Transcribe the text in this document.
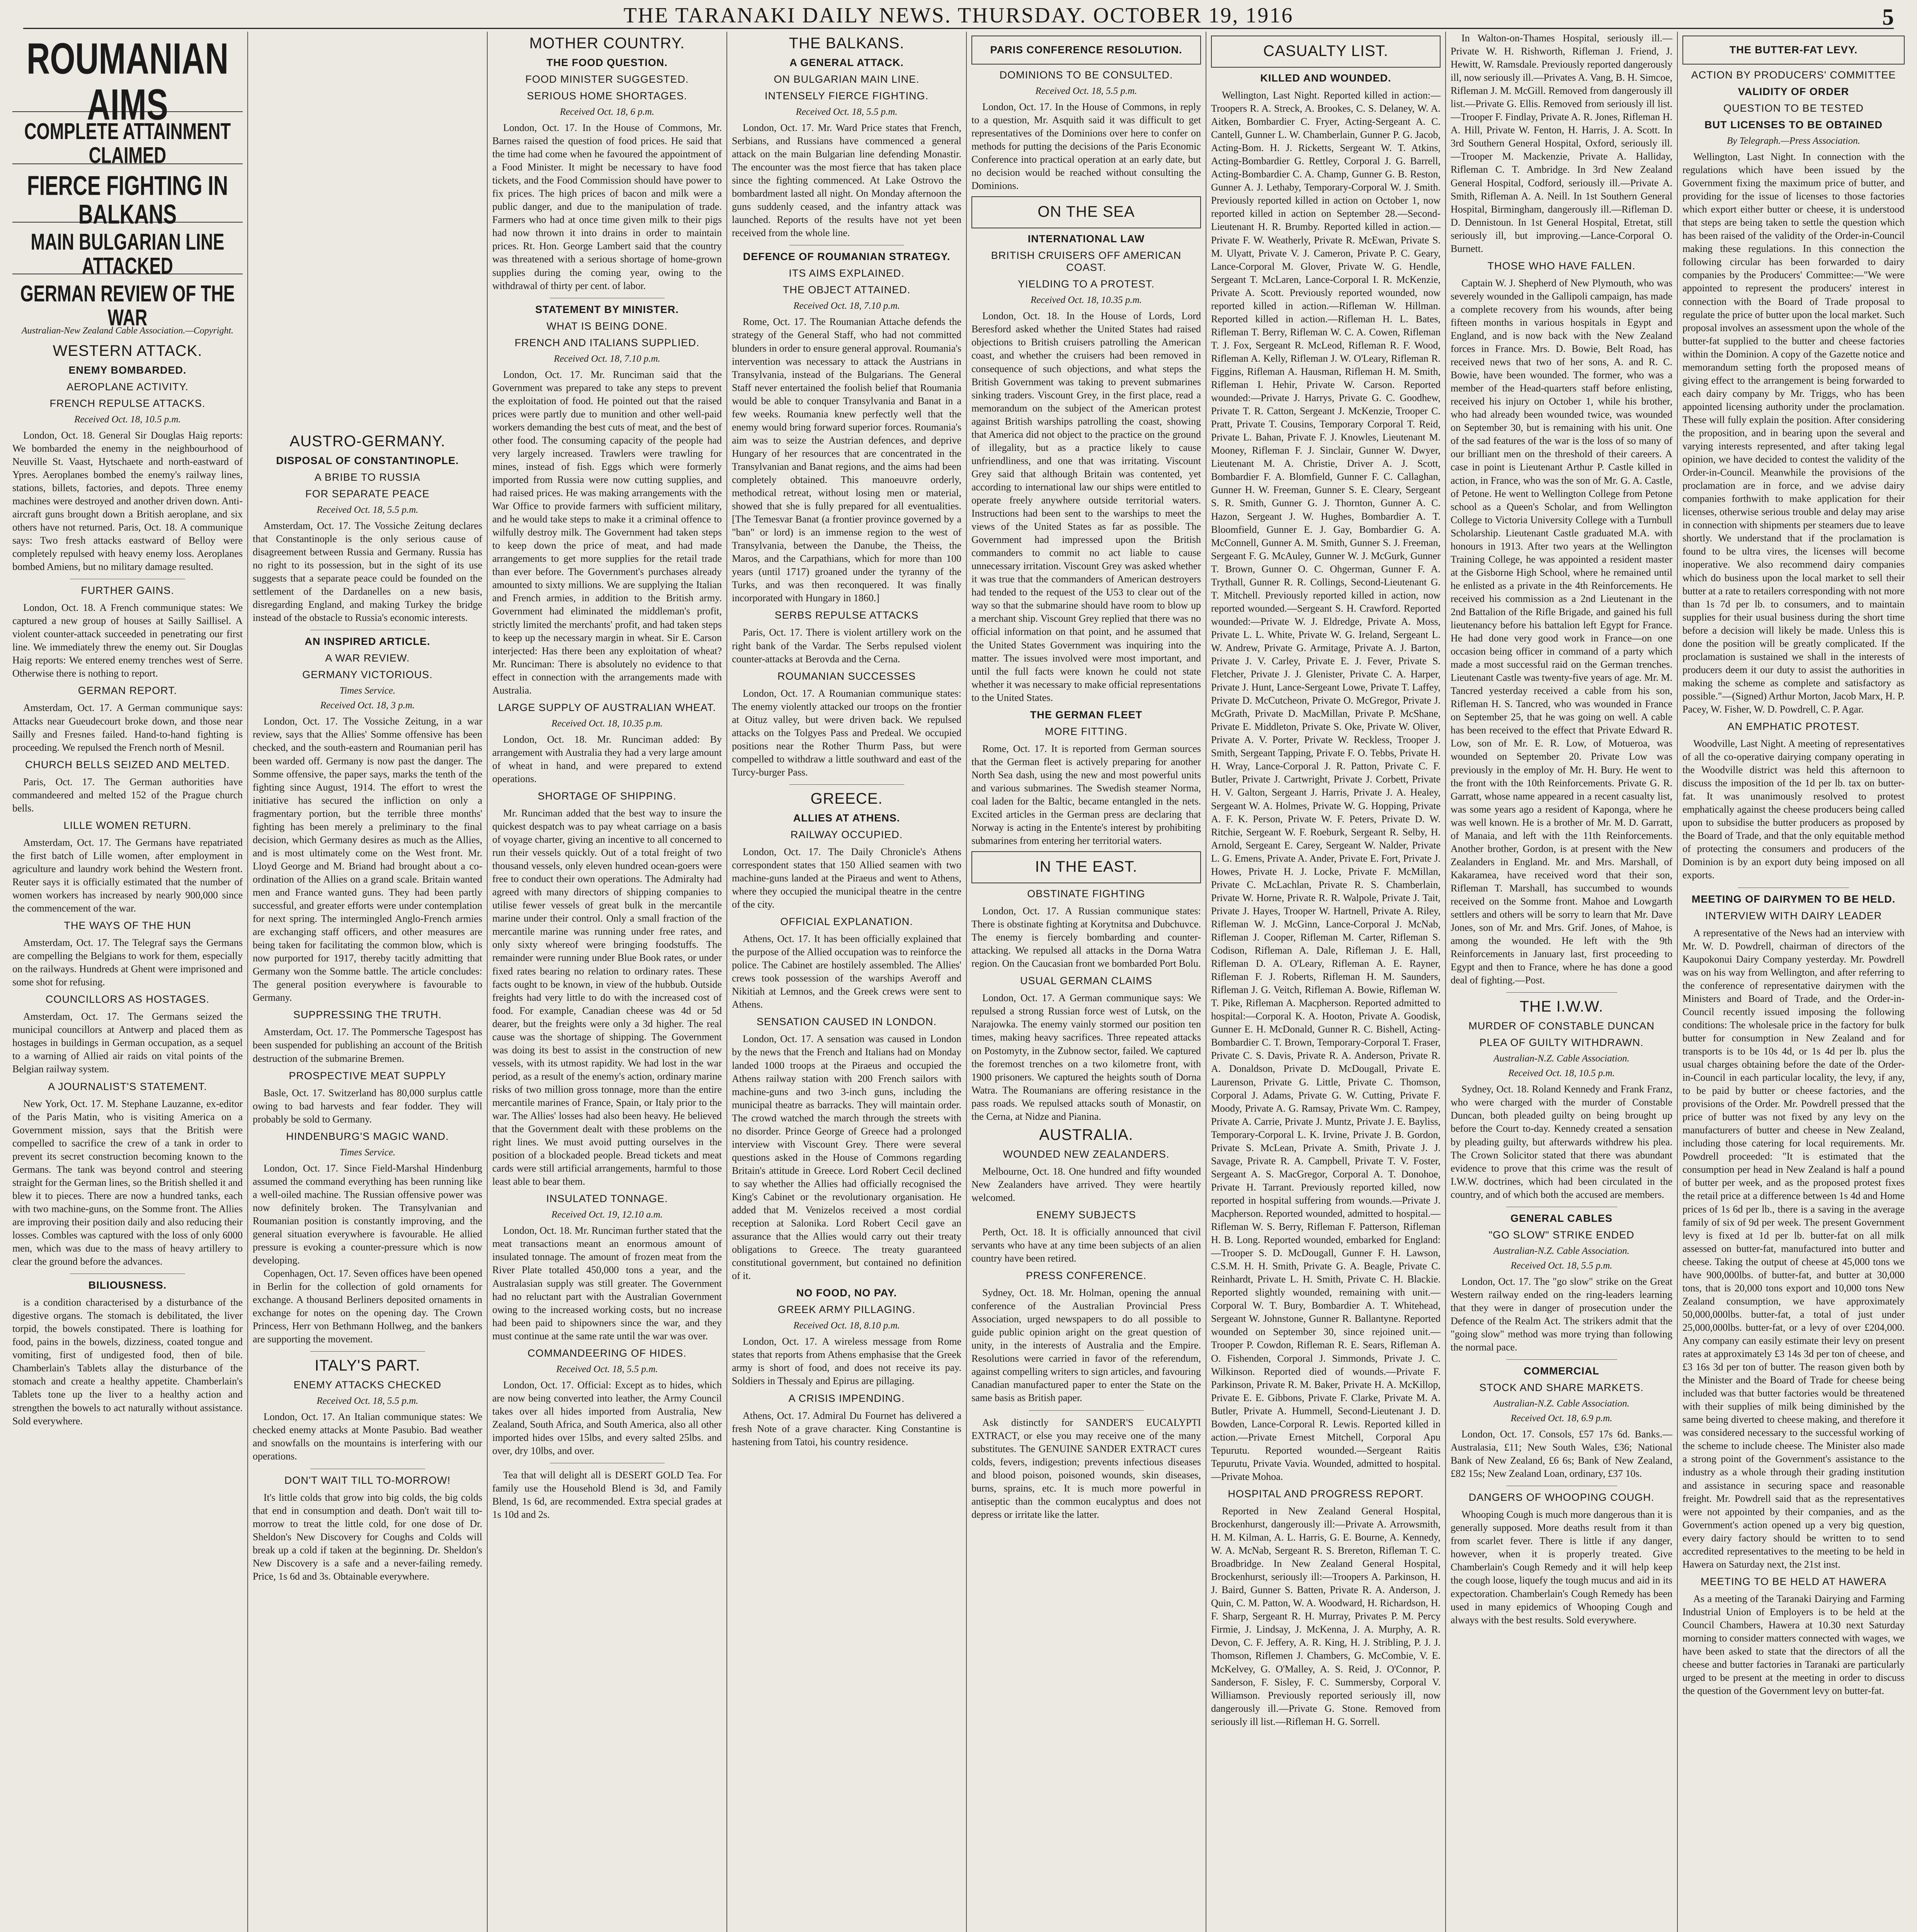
THE TARANAKI DAILY NEWS. THURSDAY. OCTOBER 19, 1916	5
ROUMANIAN AIMS
COMPLETE ATTAINMENT CLAIMED
FIERCE FIGHTING IN BALKANS
MAIN BULGARIAN LINE ATTACKED
GERMAN REVIEW OF THE WAR
Australian-New Zealand Cable Association.—Copyright.
WESTERN ATTACK.
ENEMY BOMBARDED.
AEROPLANE ACTIVITY.
FRENCH REPULSE ATTACKS.
Received Oct. 18, 10.5 p.m.

London, Oct. 18. General Sir Douglas Haig reports: We bombarded the enemy in the neighbourhood of Neuville St. Vaast, Hytschaete and north-eastward of Ypres. Aeroplanes bombed the enemy's railway lines, stations, billets, factories, and depots. Three enemy machines were destroyed and another driven down. Anti-aircraft guns brought down a British aeroplane, and six others have not returned. Paris, Oct. 18. A communique says: Two fresh attacks eastward of Belloy were completely repulsed with heavy enemy loss. Aeroplanes bombed Amiens, but no military damage resulted.

FURTHER GAINS.

London, Oct. 18. A French communique states: We captured a new group of houses at Sailly Saillisel. A violent counter-attack succeeded in penetrating our first line. We immediately threw the enemy out. Sir Douglas Haig reports: We entered enemy trenches west of Serre. Otherwise there is nothing to report.

GERMAN REPORT.

Amsterdam, Oct. 17. A German communique says: Attacks near Gueudecourt broke down, and those near Sailly and Fresnes failed. Hand-to-hand fighting is proceeding. We repulsed the French north of Mesnil.

CHURCH BELLS SEIZED AND MELTED.

Paris, Oct. 17. The German authorities have commandeered and melted 152 of the Prague church bells.

LILLE WOMEN RETURN.

Amsterdam, Oct. 17. The Germans have repatriated the first batch of Lille women, after employment in agriculture and laundry work behind the Western front. Reuter says it is officially estimated that the number of women workers has increased by nearly 900,000 since the commencement of the war.

THE WAYS OF THE HUN

Amsterdam, Oct. 17. The Telegraf says the Germans are compelling the Belgians to work for them, especially on the railways. Hundreds at Ghent were imprisoned and some shot for refusing.

COUNCILLORS AS HOSTAGES.

Amsterdam, Oct. 17. The Germans seized the municipal councillors at Antwerp and placed them as hostages in buildings in German occupation, as a sequel to a warning of Allied air raids on vital points of the Belgian railway system.

A JOURNALIST'S STATEMENT.

New York, Oct. 17. M. Stephane Lauzanne, ex-editor of the Paris Matin, who is visiting America on a Government mission, says that the British were compelled to sacrifice the crew of a tank in order to prevent its secret construction becoming known to the Germans. The tank was beyond control and steering straight for the German lines, so the British shelled it and blew it to pieces. There are now a hundred tanks, each with two machine-guns, on the Somme front. The Allies are improving their position daily and also reducing their losses. Combles was captured with the loss of only 6000 men, which was due to the mass of heavy artillery to clear the ground before the advances.

BILIOUSNESS.

is a condition characterised by a disturbance of the digestive organs. The stomach is debilitated, the liver torpid, the bowels constipated. There is loathing for food, pains in the bowels, dizziness, coated tongue and vomiting, first of undigested food, then of bile. Chamberlain's Tablets allay the disturbance of the stomach and create a healthy appetite. Chamberlain's Tablets tone up the liver to a healthy action and strengthen the bowels to act naturally without assistance. Sold everywhere.

AUSTRO-GERMANY.
DISPOSAL OF CONSTANTINOPLE.
A BRIBE TO RUSSIA
FOR SEPARATE PEACE
Received Oct. 18, 5.5 p.m.

Amsterdam, Oct. 17. The Vossiche Zeitung declares that Constantinople is the only serious cause of disagreement between Russia and Germany. Russia has no right to its possession, but in the sight of its use suggests that a separate peace could be founded on the settlement of the Dardanelles on a new basis, disregarding England, and making Turkey the bridge instead of the obstacle to Russia's economic interests.

AN INSPIRED ARTICLE.
A WAR REVIEW.
GERMANY VICTORIOUS.
Times Service.
Received Oct. 18, 3 p.m.

London, Oct. 17. The Vossiche Zeitung, in a war review, says that the Allies' Somme offensive has been checked, and the south-eastern and Roumanian peril has been warded off. Germany is now past the danger. The Somme offensive, the paper says, marks the tenth of the fighting since August, 1914. The effort to wrest the initiative has secured the infliction on only a fragmentary portion, but the terrible three months' fighting has been merely a preliminary to the final decision, which Germany desires as much as the Allies, and is most ultimately come on the West front. Mr. Lloyd George and M. Briand had brought about a co-ordination of the Allies on a grand scale. Britain wanted men and France wanted guns. They had been partly successful, and greater efforts were under contemplation for next spring. The intermingled Anglo-French armies are exchanging staff officers, and other measures are being taken for facilitating the common blow, which is now purported for 1917, thereby tacitly admitting that Germany won the Somme battle. The article concludes: The general position everywhere is favourable to Germany.

SUPPRESSING THE TRUTH.

Amsterdam, Oct. 17. The Pommersche Tagespost has been suspended for publishing an account of the British destruction of the submarine Bremen.

PROSPECTIVE MEAT SUPPLY

Basle, Oct. 17. Switzerland has 80,000 surplus cattle owing to bad harvests and fear fodder. They will probably be sold to Germany.

HINDENBURG'S MAGIC WAND.
Times Service.

London, Oct. 17. Since Field-Marshal Hindenburg assumed the command everything has been running like a well-oiled machine. The Russian offensive power was now definitely broken. The Transylvanian and Roumanian position is constantly improving, and the general situation everywhere is favourable. He allied pressure is evoking a counter-pressure which is now developing.

Copenhagen, Oct. 17. Seven offices have been opened in Berlin for the collection of gold ornaments for exchange. A thousand Berliners deposited ornaments in exchange for notes on the opening day. The Crown Princess, Herr von Bethmann Hollweg, and the bankers are supporting the movement.

ITALY'S PART.
ENEMY ATTACKS CHECKED
Received Oct. 18, 5.5 p.m.

London, Oct. 17. An Italian communique states: We checked enemy attacks at Monte Pasubio. Bad weather and snowfalls on the mountains is interfering with our operations.

DON'T WAIT TILL TO-MORROW!

It's little colds that grow into big colds, the big colds that end in consumption and death. Don't wait till to-morrow to treat the little cold, for one dose of Dr. Sheldon's New Discovery for Coughs and Colds will break up a cold if taken at the beginning. Dr. Sheldon's New Discovery is a safe and a never-failing remedy. Price, 1s 6d and 3s. Obtainable everywhere.

MOTHER COUNTRY.
THE FOOD QUESTION.
FOOD MINISTER SUGGESTED.
SERIOUS HOME SHORTAGES.
Received Oct. 18, 6 p.m.

London, Oct. 17. In the House of Commons, Mr. Barnes raised the question of food prices. He said that the time had come when he favoured the appointment of a Food Minister. It might be necessary to have food tickets, and the Food Commission should have power to fix prices. The high prices of bacon and milk were a public danger, and due to the manipulation of trade. Farmers who had at once time given milk to their pigs had now thrown it into drains in order to maintain prices. Rt. Hon. George Lambert said that the country was threatened with a serious shortage of home-grown supplies during the coming year, owing to the withdrawal of thirty per cent. of labor.

STATEMENT BY MINISTER.
WHAT IS BEING DONE.
FRENCH AND ITALIANS SUPPLIED.
Received Oct. 18, 7.10 p.m.

London, Oct. 17. Mr. Runciman said that the Government was prepared to take any steps to prevent the exploitation of food. He pointed out that the raised prices were partly due to munition and other well-paid workers demanding the best cuts of meat, and the best of other food. The consuming capacity of the people had very largely increased. Trawlers were trawling for mines, instead of fish. Eggs which were formerly imported from Russia were now cutting supplies, and had raised prices. He was making arrangements with the War Office to provide farmers with sufficient military, and he would take steps to make it a criminal offence to wilfully destroy milk. The Government had taken steps to keep down the price of meat, and had made arrangements to get more supplies for the retail trade than ever before. The Government's purchases already amounted to sixty millions. We are supplying the Italian and French armies, in addition to the British army. Government had eliminated the middleman's profit, strictly limited the merchants' profit, and had taken steps to keep up the necessary margin in wheat. Sir E. Carson interjected: Has there been any exploitation of wheat? Mr. Runciman: There is absolutely no evidence to that effect in connection with the arrangements made with Australia.

LARGE SUPPLY OF AUSTRALIAN WHEAT.
Received Oct. 18, 10.35 p.m.

London, Oct. 18. Mr. Runciman added: By arrangement with Australia they had a very large amount of wheat in hand, and were prepared to extend operations.

SHORTAGE OF SHIPPING.

Mr. Runciman added that the best way to insure the quickest despatch was to pay wheat carriage on a basis of voyage charter, giving an incentive to all concerned to run their vessels quickly. Out of a total freight of two thousand vessels, only eleven hundred ocean-goers were free to conduct their own operations. The Admiralty had agreed with many directors of shipping companies to utilise fewer vessels of great bulk in the mercantile marine under their control. Only a small fraction of the mercantile marine was running under free rates, and only sixty whereof were bringing foodstuffs. The remainder were running under Blue Book rates, or under fixed rates bearing no relation to ordinary rates. These facts ought to be known, in view of the hubbub. Outside freights had very little to do with the increased cost of food. For example, Canadian cheese was 4d or 5d dearer, but the freights were only a 3d higher. The real cause was the shortage of shipping. The Government was doing its best to assist in the construction of new vessels, with its utmost rapidity. We had lost in the war period, as a result of the enemy's action, ordinary marine risks of two million gross tonnage, more than the entire mercantile marines of France, Spain, or Italy prior to the war. The Allies' losses had also been heavy. He believed that the Government dealt with these problems on the right lines. We must avoid putting ourselves in the position of a blockaded people. Bread tickets and meat cards were still artificial arrangements, harmful to those least able to bear them.

INSULATED TONNAGE.
Received Oct. 19, 12.10 a.m.

London, Oct. 18. Mr. Runciman further stated that the meat transactions meant an enormous amount of insulated tonnage. The amount of frozen meat from the River Plate totalled 450,000 tons a year, and the Australasian supply was still greater. The Government had no reluctant part with the Australian Government owing to the increased working costs, but no increase had been paid to shipowners since the war, and they must continue at the same rate until the war was over.

COMMANDEERING OF HIDES.
Received Oct. 18, 5.5 p.m.

London, Oct. 17. Official: Except as to hides, which are now being converted into leather, the Army Council takes over all hides imported from Australia, New Zealand, South Africa, and South America, also all other imported hides over 15lbs, and every salted 25lbs. and over, dry 10lbs, and over.

Tea that will delight all is DESERT GOLD Tea. For family use the Household Blend is 3d, and Family Blend, 1s 6d, are recommended. Extra special grades at 1s 10d and 2s.

THE BALKANS.
A GENERAL ATTACK.
ON BULGARIAN MAIN LINE.
INTENSELY FIERCE FIGHTING.
Received Oct. 18, 5.5 p.m.

London, Oct. 17. Mr. Ward Price states that French, Serbians, and Russians have commenced a general attack on the main Bulgarian line defending Monastir. The encounter was the most fierce that has taken place since the fighting commenced. At Lake Ostrovo the bombardment lasted all night. On Monday afternoon the guns suddenly ceased, and the infantry attack was launched. Reports of the results have not yet been received from the whole line.

DEFENCE OF ROUMANIAN STRATEGY.
ITS AIMS EXPLAINED.
THE OBJECT ATTAINED.
Received Oct. 18, 7.10 p.m.

Rome, Oct. 17. The Roumanian Attache defends the strategy of the General Staff, who had not committed blunders in order to ensure general approval. Roumania's intervention was necessary to attack the Austrians in Transylvania, instead of the Bulgarians. The General Staff never entertained the foolish belief that Roumania would be able to conquer Transylvania and Banat in a few weeks. Roumania knew perfectly well that the enemy would bring forward superior forces. Roumania's aim was to seize the Austrian defences, and deprive Hungary of her resources that are concentrated in the Transylvanian and Banat regions, and the aims had been completely obtained. This manoeuvre orderly, methodical retreat, without losing men or material, showed that she is fully prepared for all eventualities. [The Temesvar Banat (a frontier province governed by a "ban" or lord) is an immense region to the west of Transylvania, between the Danube, the Theiss, the Maros, and the Carpathians, which for more than 100 years (until 1717) groaned under the tyranny of the Turks, and was then reconquered. It was finally incorporated with Hungary in 1860.]

SERBS REPULSE ATTACKS

Paris, Oct. 17. There is violent artillery work on the right bank of the Vardar. The Serbs repulsed violent counter-attacks at Berovda and the Cerna.

ROUMANIAN SUCCESSES

London, Oct. 17. A Roumanian communique states: The enemy violently attacked our troops on the frontier at Oituz valley, but were driven back. We repulsed attacks on the Tolgyes Pass and Predeal. We occupied positions near the Rother Thurm Pass, but were compelled to withdraw a little southward and east of the Turcy-burger Pass.

GREECE.
ALLIES AT ATHENS.
RAILWAY OCCUPIED.

London, Oct. 17. The Daily Chronicle's Athens correspondent states that 150 Allied seamen with two machine-guns landed at the Piraeus and went to Athens, where they occupied the municipal theatre in the centre of the city.

OFFICIAL EXPLANATION.

Athens, Oct. 17. It has been officially explained that the purpose of the Allied occupation was to reinforce the police. The Cabinet are hostilely assembled. The Allies' crews took possession of the warships Averoff and Nikitiah at Lemnos, and the Greek crews were sent to Athens.

SENSATION CAUSED IN LONDON.

London, Oct. 17. A sensation was caused in London by the news that the French and Italians had on Monday landed 1000 troops at the Piraeus and occupied the Athens railway station with 200 French sailors with machine-guns and two 3-inch guns, including the municipal theatre as barracks. They will maintain order. The crowd watched the march through the streets with no disorder. Prince George of Greece had a prolonged interview with Viscount Grey. There were several questions asked in the House of Commons regarding Britain's attitude in Greece. Lord Robert Cecil declined to say whether the Allies had officially recognised the King's Cabinet or the revolutionary organisation. He added that M. Venizelos received a most cordial reception at Salonika. Lord Robert Cecil gave an assurance that the Allies would carry out their treaty obligations to Greece. The treaty guaranteed constitutional government, but contained no definition of it.

NO FOOD, NO PAY.
GREEK ARMY PILLAGING.
Received Oct. 18, 8.10 p.m.

London, Oct. 17. A wireless message from Rome states that reports from Athens emphasise that the Greek army is short of food, and does not receive its pay. Soldiers in Thessaly and Epirus are pillaging.

A CRISIS IMPENDING.

Athens, Oct. 17. Admiral Du Fournet has delivered a fresh Note of a grave character. King Constantine is hastening from Tatoi, his country residence.

PARIS CONFERENCE RESOLUTION.
DOMINIONS TO BE CONSULTED.
Received Oct. 18, 5.5 p.m.

London, Oct. 17. In the House of Commons, in reply to a question, Mr. Asquith said it was difficult to get representatives of the Dominions over here to confer on methods for putting the decisions of the Paris Economic Conference into practical operation at an early date, but no decision would be reached without consulting the Dominions.

ON THE SEA
INTERNATIONAL LAW
BRITISH CRUISERS OFF AMERICAN COAST.
YIELDING TO A PROTEST.
Received Oct. 18, 10.35 p.m.

London, Oct. 18. In the House of Lords, Lord Beresford asked whether the United States had raised objections to British cruisers patrolling the American coast, and whether the cruisers had been removed in consequence of such objections, and what steps the British Government was taking to prevent submarines sinking traders. Viscount Grey, in the first place, read a memorandum on the subject of the American protest against British warships patrolling the coast, showing that America did not object to the practice on the ground of illegality, but as a practice likely to cause unfriendliness, and one that was irritating. Viscount Grey said that although Britain was contented, yet according to international law our ships were entitled to operate freely anywhere outside territorial waters. Instructions had been sent to the warships to meet the views of the United States as far as possible. The Government had impressed upon the British commanders to commit no act liable to cause unnecessary irritation. Viscount Grey was asked whether it was true that the commanders of American destroyers had tended to the request of the U53 to clear out of the way so that the submarine should have room to blow up a merchant ship. Viscount Grey replied that there was no official information on that point, and he assumed that the United States Government was inquiring into the matter. The issues involved were most important, and until the full facts were known he could not state whether it was necessary to make official representations to the United States.

THE GERMAN FLEET
MORE FITTING.

Rome, Oct. 17. It is reported from German sources that the German fleet is actively preparing for another North Sea dash, using the new and most powerful units and various submarines. The Swedish steamer Norma, coal laden for the Baltic, became entangled in the nets. Excited articles in the German press are declaring that Norway is acting in the Entente's interest by prohibiting submarines from entering her territorial waters.

IN THE EAST.
OBSTINATE FIGHTING

London, Oct. 17. A Russian communique states: There is obstinate fighting at Korytnitsa and Dubchuvce. The enemy is fiercely bombarding and counter-attacking. We repulsed all attacks in the Dorna Watra region. On the Caucasian front we bombarded Port Bolu.

USUAL GERMAN CLAIMS

London, Oct. 17. A German communique says: We repulsed a strong Russian force west of Lutsk, on the Narajowka. The enemy vainly stormed our position ten times, making heavy sacrifices. Three repeated attacks on Postomyty, in the Zubnow sector, failed. We captured the foremost trenches on a two kilometre front, with 1900 prisoners. We captured the heights south of Dorna Watra. The Roumanians are offering resistance in the pass roads. We repulsed attacks south of Monastir, on the Cerna, at Nidze and Pianina.

AUSTRALIA.
WOUNDED NEW ZEALANDERS.

Melbourne, Oct. 18. One hundred and fifty wounded New Zealanders have arrived. They were heartily welcomed.

ENEMY SUBJECTS

Perth, Oct. 18. It is officially announced that civil servants who have at any time been subjects of an alien country have been retired.

PRESS CONFERENCE.

Sydney, Oct. 18. Mr. Holman, opening the annual conference of the Australian Provincial Press Association, urged newspapers to do all possible to guide public opinion aright on the great question of unity, in the interests of Australia and the Empire. Resolutions were carried in favor of the referendum, against compelling writers to sign articles, and favouring Canadian manufactured paper to enter the State on the same basis as British paper.

Ask distinctly for SANDER'S EUCALYPTI EXTRACT, or else you may receive one of the many substitutes. The GENUINE SANDER EXTRACT cures colds, fevers, indigestion; prevents infectious diseases and blood poison, poisoned wounds, skin diseases, burns, sprains, etc. It is much more powerful in antiseptic than the common eucalyptus and does not depress or irritate like the latter.

CASUALTY LIST.
KILLED AND WOUNDED.

Wellington, Last Night. Reported killed in action:—Troopers R. A. Streck, A. Brookes, C. S. Delaney, W. A. Aitken, Bombardier C. Fryer, Acting-Sergeant A. C. Cantell, Gunner L. W. Chamberlain, Gunner P. G. Jacob, Acting-Bom. H. J. Ricketts, Sergeant W. T. Atkins, Acting-Bombardier G. Rettley, Corporal J. G. Barrell, Acting-Bombardier C. A. Champ, Gunner G. B. Reston, Gunner A. J. Lethaby, Temporary-Corporal W. J. Smith. Previously reported killed in action on October 1, now reported killed in action on September 28.—Second-Lieutenant H. R. Brumby. Reported killed in action.—Private F. W. Weatherly, Private R. McEwan, Private S. M. Ulyatt, Private V. J. Cameron, Private P. C. Geary, Lance-Corporal M. Glover, Private W. G. Hendle, Sergeant T. McLaren, Lance-Corporal I. R. McKenzie, Private A. Scott. Previously reported wounded, now reported killed in action.—Rifleman W. Hillman. Reported killed in action.—Rifleman H. L. Bates, Rifleman T. Berry, Rifleman W. C. A. Cowen, Rifleman T. J. Fox, Sergeant R. McLeod, Rifleman R. F. Wood, Rifleman A. Kelly, Rifleman J. W. O'Leary, Rifleman R. Figgins, Rifleman A. Hausman, Rifleman H. M. Smith, Rifleman I. Hehir, Private W. Carson. Reported wounded:—Private J. Harrys, Private G. C. Goodhew, Private T. R. Catton, Sergeant J. McKenzie, Trooper C. Pratt, Private T. Cousins, Temporary Corporal T. Reid, Private L. Bahan, Private F. J. Knowles, Lieutenant M. Mooney, Rifleman F. J. Sinclair, Gunner W. Dwyer, Lieutenant M. A. Christie, Driver A. J. Scott, Bombardier F. A. Blomfield, Gunner F. C. Callaghan, Gunner H. W. Freeman, Gunner S. E. Cleary, Sergeant S. R. Smith, Gunner G. J. Thornton, Gunner A. C. Hazon, Sergeant J. W. Hughes, Bombardier A. T. Bloomfield, Gunner E. J. Gay, Bombardier G. A. McConnell, Gunner A. M. Smith, Gunner S. J. Freeman, Sergeant F. G. McAuley, Gunner W. J. McGurk, Gunner T. Brown, Gunner O. C. Ohgerman, Gunner F. A. Trythall, Gunner R. R. Collings, Second-Lieutenant G. T. Mitchell. Previously reported killed in action, now reported wounded.—Sergeant S. H. Crawford. Reported wounded:—Private W. J. Eldredge, Private A. Moss, Private L. L. White, Private W. G. Ireland, Sergeant L. W. Andrew, Private G. Armitage, Private A. J. Barton, Private J. V. Carley, Private E. J. Fever, Private S. Fletcher, Private J. J. Glenister, Private C. A. Harper, Private J. Hunt, Lance-Sergeant Lowe, Private T. Laffey, Private D. McCutcheon, Private O. McGregor, Private J. McGrath, Private D. MacMillan, Private P. McShane, Private E. Middleton, Private S. Oke, Private W. Oliver, Private A. V. Porter, Private W. Reckless, Trooper J. Smith, Sergeant Tapping, Private F. O. Tebbs, Private H. H. Wray, Lance-Corporal J. R. Patton, Private C. F. Butler, Private J. Cartwright, Private J. Corbett, Private H. V. Galton, Sergeant J. Harris, Private J. A. Healey, Sergeant W. A. Holmes, Private W. G. Hopping, Private A. F. K. Person, Private W. F. Peters, Private D. W. Ritchie, Sergeant W. F. Roeburk, Sergeant R. Selby, H. Arnold, Sergeant E. Carey, Sergeant W. Nalder, Private L. G. Emens, Private A. Ander, Private E. Fort, Private J. Howes, Private H. J. Locke, Private F. McMillan, Private C. McLachlan, Private R. S. Chamberlain, Private W. Horne, Private R. R. Walpole, Private J. Tait, Private J. Hayes, Trooper W. Hartnell, Private A. Riley, Rifleman W. J. McGinn, Lance-Corporal J. McNab, Rifleman J. Cooper, Rifleman M. Carter, Rifleman S. Codison, Rifleman A. Dale, Rifleman J. E. Hall, Rifleman D. A. O'Leary, Rifleman A. E. Rayner, Rifleman F. J. Roberts, Rifleman H. M. Saunders, Rifleman J. G. Veitch, Rifleman A. Bowie, Rifleman W. T. Pike, Rifleman A. Macpherson. Reported admitted to hospital:—Corporal K. A. Hooton, Private A. Goodisk, Gunner E. H. McDonald, Gunner R. C. Bishell, Acting-Bombardier C. T. Brown, Temporary-Corporal T. Fraser, Private C. S. Davis, Private R. A. Anderson, Private R. A. Donaldson, Private D. McDougall, Private E. Laurenson, Private G. Little, Private C. Thomson, Corporal J. Adams, Private G. W. Cutting, Private F. Moody, Private A. G. Ramsay, Private Wm. C. Rampey, Private A. Carrie, Private J. Muntz, Private J. E. Bayliss, Temporary-Corporal L. K. Irvine, Private J. B. Gordon, Private S. McLean, Private A. Smith, Private J. J. Savage, Private R. A. Campbell, Private T. V. Foster, Sergeant A. S. MacGregor, Corporal A. T. Donohoe, Private H. Tarrant. Previously reported killed, now reported in hospital suffering from wounds.—Private J. Macpherson. Reported wounded, admitted to hospital.—Rifleman W. S. Berry, Rifleman F. Patterson, Rifleman H. B. Long. Reported wounded, embarked for England:—Trooper S. D. McDougall, Gunner F. H. Lawson, C.S.M. H. H. Smith, Private G. A. Beagle, Private C. Reinhardt, Private L. H. Smith, Private C. H. Blackie. Reported slightly wounded, remaining with unit.—Corporal W. T. Bury, Bombardier A. T. Whitehead, Sergeant W. Johnstone, Gunner R. Ballantyne. Reported wounded on September 30, since rejoined unit.—Trooper P. Cowdon, Rifleman R. E. Sears, Rifleman A. O. Fishenden, Corporal J. Simmonds, Private J. C. Wilkinson. Reported died of wounds.—Private F. Parkinson, Private R. M. Baker, Private H. A. McKillop, Private E. E. Gibbons, Private F. Clarke, Private M. A. Butler, Private A. Hummell, Second-Lieutenant J. D. Bowden, Lance-Corporal R. Lewis. Reported killed in action.—Private Ernest Mitchell, Corporal Apu Tepurutu. Reported wounded.—Sergeant Raitis Tepurutu, Private Vavia. Wounded, admitted to hospital.—Private Mohoa.

HOSPITAL AND PROGRESS REPORT.

Reported in New Zealand General Hospital, Brockenhurst, dangerously ill:—Private A. Arrowsmith, H. M. Kilman, A. L. Harris, G. E. Bourne, A. Kennedy, W. A. McNab, Sergeant R. S. Brereton, Rifleman T. C. Broadbridge. In New Zealand General Hospital, Brockenhurst, seriously ill:—Troopers A. Parkinson, H. J. Baird, Gunner S. Batten, Private R. A. Anderson, J. Quin, C. M. Patton, W. A. Woodward, H. Richardson, H. F. Sharp, Sergeant R. H. Murray, Privates P. M. Percy Firmie, J. Lindsay, J. McKenna, J. A. Murphy, A. R. Devon, C. F. Jeffery, A. R. King, H. J. Stribling, P. J. J. Thomson, Riflemen J. Chambers, G. McCombie, V. E. McKelvey, G. O'Malley, A. S. Reid, J. O'Connor, P. Sanderson, F. Sisley, F. C. Summersby, Corporal V. Williamson. Previously reported seriously ill, now dangerously ill.—Private G. Stone. Removed from seriously ill list.—Rifleman H. G. Sorrell.

In Walton-on-Thames Hospital, seriously ill.—Private W. H. Rishworth, Rifleman J. Friend, J. Hewitt, W. Ramsdale. Previously reported dangerously ill, now seriously ill.—Privates A. Vang, B. H. Simcoe, Rifleman J. M. McGill. Removed from dangerously ill list.—Private G. Ellis. Removed from seriously ill list.—Trooper F. Findlay, Private A. R. Jones, Rifleman H. A. Hill, Private W. Fenton, H. Harris, J. A. Scott. In 3rd Southern General Hospital, Oxford, seriously ill.—Trooper M. Mackenzie, Private A. Halliday, Rifleman C. T. Ambridge. In 3rd New Zealand General Hospital, Codford, seriously ill.—Private A. Smith, Rifleman A. A. Neill. In 1st Southern General Hospital, Birmingham, dangerously ill.—Rifleman D. D. Dennistoun. In 1st General Hospital, Etretat, still seriously ill, but improving.—Lance-Corporal O. Burnett.

THOSE WHO HAVE FALLEN.

Captain W. J. Shepherd of New Plymouth, who was severely wounded in the Gallipoli campaign, has made a complete recovery from his wounds, after being fifteen months in various hospitals in Egypt and England, and is now back with the New Zealand forces in France. Mrs. D. Bowie, Belt Road, has received news that two of her sons, A. and R. C. Bowie, have been wounded. The former, who was a member of the Head-quarters staff before enlisting, received his injury on October 1, while his brother, who had already been wounded twice, was wounded on September 30, but is remaining with his unit. One of the sad features of the war is the loss of so many of our brilliant men on the threshold of their careers. A case in point is Lieutenant Arthur P. Castle killed in action, in France, who was the son of Mr. G. A. Castle, of Petone. He went to Wellington College from Petone school as a Queen's Scholar, and from Wellington College to Victoria University College with a Turnbull Scholarship. Lieutenant Castle graduated M.A. with honours in 1913. After two years at the Wellington Training College, he was appointed a resident master at the Gisborne High School, where he remained until he enlisted as a private in the 4th Reinforcements. He received his commission as a 2nd Lieutenant in the 2nd Battalion of the Rifle Brigade, and gained his full lieutenancy before his battalion left Egypt for France. He had done very good work in France—on one occasion being officer in command of a party which made a most successful raid on the German trenches. Lieutenant Castle was twenty-five years of age. Mr. M. Tancred yesterday received a cable from his son, Rifleman H. S. Tancred, who was wounded in France on September 25, that he was going on well. A cable has been received to the effect that Private Edward R. Low, son of Mr. E. R. Low, of Motueroa, was wounded on September 20. Private Low was previously in the employ of Mr. H. Bury. He went to the front with the 10th Reinforcements. Private G. R. Garratt, whose name appeared in a recent casualty list, was some years ago a resident of Kaponga, where he was well known. He is a brother of Mr. M. D. Garratt, of Manaia, and left with the 11th Reinforcements. Another brother, Gordon, is at present with the New Zealanders in England. Mr. and Mrs. Marshall, of Kakaramea, have received word that their son, Rifleman T. Marshall, has succumbed to wounds received on the Somme front. Mahoe and Lowgarth settlers and others will be sorry to learn that Mr. Dave Jones, son of Mr. and Mrs. Grif. Jones, of Mahoe, is among the wounded. He left with the 9th Reinforcements in January last, first proceeding to Egypt and then to France, where he has done a good deal of fighting.—Post.

THE I.W.W.
MURDER OF CONSTABLE DUNCAN
PLEA OF GUILTY WITHDRAWN.
Australian-N.Z. Cable Association.
Received Oct. 18, 10.5 p.m.

Sydney, Oct. 18. Roland Kennedy and Frank Franz, who were charged with the murder of Constable Duncan, both pleaded guilty on being brought up before the Court to-day. Kennedy created a sensation by pleading guilty, but afterwards withdrew his plea. The Crown Solicitor stated that there was abundant evidence to prove that this crime was the result of I.W.W. doctrines, which had been circulated in the country, and of which both the accused are members.

GENERAL CABLES
"GO SLOW" STRIKE ENDED
Australian-N.Z. Cable Association.
Received Oct. 18, 5.5 p.m.

London, Oct. 17. The "go slow" strike on the Great Western railway ended on the ring-leaders learning that they were in danger of prosecution under the Defence of the Realm Act. The strikers admit that the "going slow" method was more trying than following the normal pace.

COMMERCIAL
STOCK AND SHARE MARKETS.
Australian-N.Z. Cable Association.
Received Oct. 18, 6.9 p.m.

London, Oct. 17. Consols, £57 17s 6d. Banks.—Australasia, £11; New South Wales, £36; National Bank of New Zealand, £6 6s; Bank of New Zealand, £82 15s; New Zealand Loan, ordinary, £37 10s.

DANGERS OF WHOOPING COUGH.

Whooping Cough is much more dangerous than it is generally supposed. More deaths result from it than from scarlet fever. There is little if any danger, however, when it is properly treated. Give Chamberlain's Cough Remedy and it will help keep the cough loose, liquefy the tough mucus and aid in its expectoration. Chamberlain's Cough Remedy has been used in many epidemics of Whooping Cough and always with the best results. Sold everywhere.

THE BUTTER-FAT LEVY.
ACTION BY PRODUCERS' COMMITTEE
VALIDITY OF ORDER
QUESTION TO BE TESTED
BUT LICENSES TO BE OBTAINED
By Telegraph.—Press Association.

Wellington, Last Night. In connection with the regulations which have been issued by the Government fixing the maximum price of butter, and providing for the issue of licenses to those factories which export either butter or cheese, it is understood that steps are being taken to settle the question which has been raised of the validity of the Order-in-Council making these regulations. In this connection the following circular has been forwarded to dairy companies by the Producers' Committee:—"We were appointed to represent the producers' interest in connection with the Board of Trade proposal to regulate the price of butter upon the local market. Such proposal involves an assessment upon the whole of the butter-fat supplied to the butter and cheese factories within the Dominion. A copy of the Gazette notice and memorandum setting forth the proposed means of giving effect to the arrangement is being forwarded to each dairy company by Mr. Triggs, who has been appointed licensing authority under the proclamation. These will fully explain the position. After considering the proposition, and in bearing upon the several and varying interests represented, and after taking legal opinion, we have decided to contest the validity of the Order-in-Council. Meanwhile the provisions of the proclamation are in force, and we advise dairy companies forthwith to make application for their licenses, otherwise serious trouble and delay may arise in connection with shipments per steamers due to leave shortly. We understand that if the proclamation is found to be ultra vires, the licenses will become inoperative. We also recommend dairy companies which do business upon the local market to sell their butter at a rate to retailers corresponding with not more than 1s 7d per lb. to consumers, and to maintain supplies for their usual business during the short time before a decision will likely be made. Unless this is done the position will be greatly complicated. If the proclamation is sustained we shall in the interests of producers deem it our duty to assist the authorities in making the scheme as complete and satisfactory as possible."—(Signed) Arthur Morton, Jacob Marx, H. P. Pacey, W. Fisher, W. D. Powdrell, C. P. Agar.

AN EMPHATIC PROTEST.

Woodville, Last Night. A meeting of representatives of all the co-operative dairying company operating in the Woodville district was held this afternoon to discuss the imposition of the 1d per lb. tax on butter-fat. It was unanimously resolved to protest emphatically against the cheese producers being called upon to subsidise the butter producers as proposed by the Board of Trade, and that the only equitable method of protecting the consumers and producers of the Dominion is by an export duty being imposed on all exports.

MEETING OF DAIRYMEN TO BE HELD.
INTERVIEW WITH DAIRY LEADER

A representative of the News had an interview with Mr. W. D. Powdrell, chairman of directors of the Kaupokonui Dairy Company yesterday. Mr. Powdrell was on his way from Wellington, and after referring to the conference of representative dairymen with the Ministers and Board of Trade, and the Order-in-Council recently issued imposing the following conditions: The wholesale price in the factory for bulk butter for consumption in New Zealand and for transports is to be 10s 4d, or 1s 4d per lb. plus the usual charges obtaining before the date of the Order-in-Council in each particular locality, the levy, if any, to be paid by butter or cheese factories, and the provisions of the Order. Mr. Powdrell pressed that the price of butter was not fixed by any levy on the manufacturers of butter and cheese in New Zealand, including those catering for local requirements. Mr. Powdrell proceeded: "It is estimated that the consumption per head in New Zealand is half a pound of butter per week, and as the proposed protest fixes the retail price at a difference between 1s 4d and Home prices of 1s 6d per lb., there is a saving in the average family of six of 9d per week. The present Government levy is fixed at 1d per lb. butter-fat on all milk assessed on butter-fat, manufactured into butter and cheese. Taking the output of cheese at 45,000 tons we have 900,000lbs. of butter-fat, and butter at 30,000 tons, that is 20,000 tons export and 10,000 tons New Zealand consumption, we have approximately 50,000,000lbs. butter-fat, a total of just under 25,000,000lbs. butter-fat, or a levy of over £204,000. Any company can easily estimate their levy on present rates at approximately £3 14s 3d per ton of cheese, and £3 16s 3d per ton of butter. The reason given both by the Minister and the Board of Trade for cheese being included was that butter factories would be threatened with their supplies of milk being diminished by the same being diverted to cheese making, and therefore it was considered necessary to the successful working of the scheme to include cheese. The Minister also made a strong point of the Government's assistance to the industry as a whole through their grading institution and assistance in securing space and reasonable freight. Mr. Powdrell said that as the representatives were not appointed by their companies, and as the Government's action opened up a very big question, every dairy factory should be written to to send accredited representatives to the meeting to be held in Hawera on Saturday next, the 21st inst.

MEETING TO BE HELD AT HAWERA

As a meeting of the Taranaki Dairying and Farming Industrial Union of Employers is to be held at the Council Chambers, Hawera at 10.30 next Saturday morning to consider matters connected with wages, we have been asked to state that the directors of all the cheese and butter factories in Taranaki are particularly urged to be present at the meeting in order to discuss the question of the Government levy on butter-fat.
